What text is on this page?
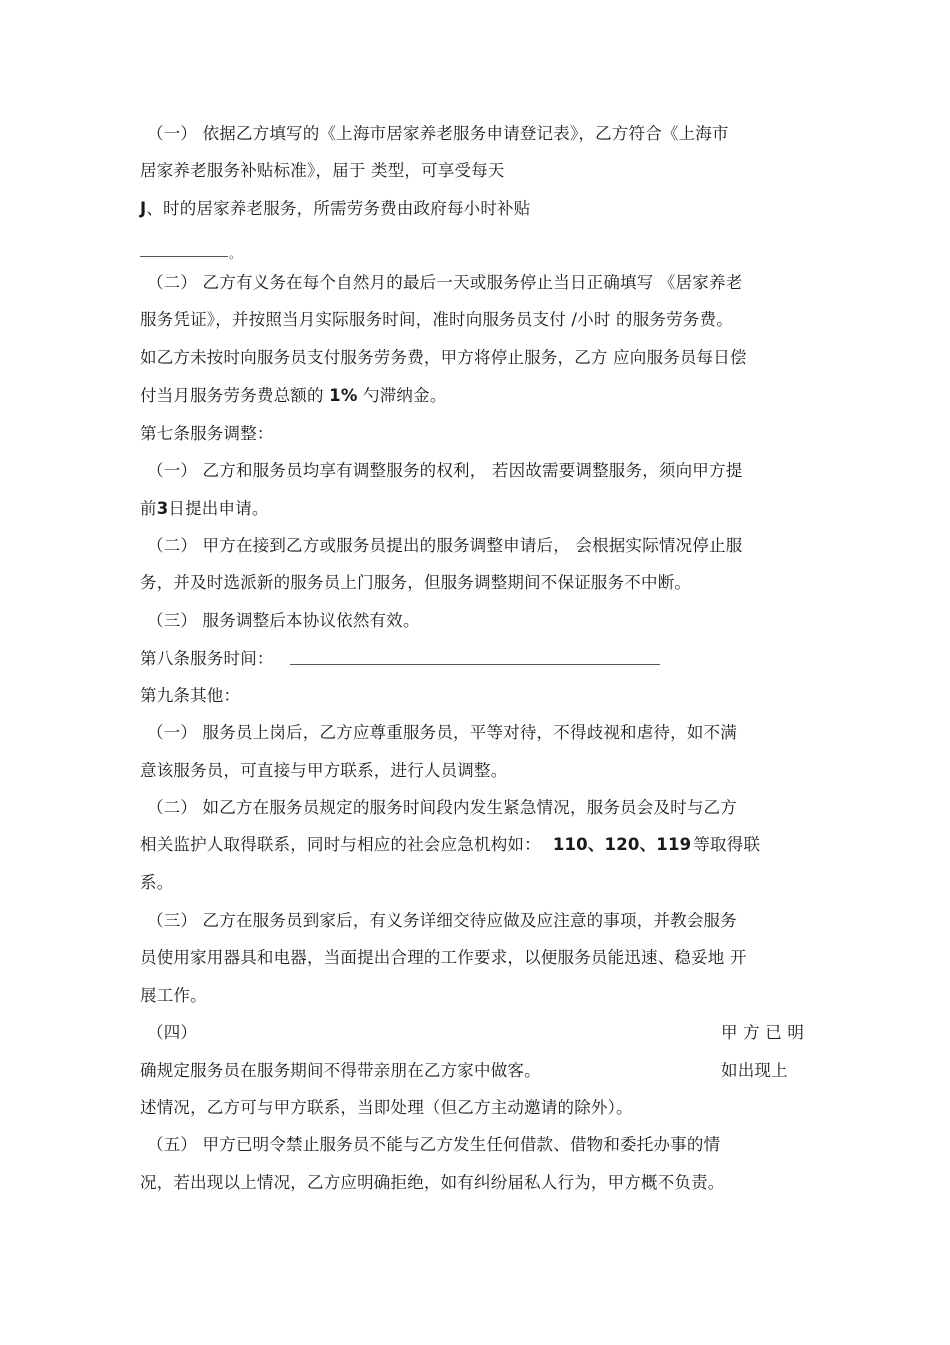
（一） 依据乙方填写的《上海市居家养老服务申请登记表》，乙方符合《上海市
居家养老服务补贴标准》，届于 类型，可享受每天
J、时的居家养老服务，所需劳务费由政府每小时补贴
。
（二） 乙方有义务在每个自然月的最后一天或服务停止当日正确填写 《居家养老
服务凭证》，并按照当月实际服务时间，准时向服务员支付 /小时 的服务劳务费。
如乙方未按时向服务员支付服务劳务费，甲方将停止服务，乙方 应向服务员每日偿
付当月服务劳务费总额的 1% 勺滞纳金。
第七条服务调整：
（一） 乙方和服务员均享有调整服务的权利， 若因故需要调整服务，须向甲方提
前3日提出申请。
（二） 甲方在接到乙方或服务员提出的服务调整申请后， 会根据实际情况停止服
务，并及时选派新的服务员上门服务，但服务调整期间不保证服务不中断。
（三） 服务调整后本协议依然有效。
第八条服务时间：
第九条其他：
（一） 服务员上岗后，乙方应尊重服务员，平等对待，不得歧视和虐待，如不满
意该服务员，可直接与甲方联系，进行人员调整。
（二） 如乙方在服务员规定的服务时间段内发生紧急情况，服务员会及时与乙方
相关监护人取得联系，同时与相应的社会应急机构如： 110、120、119 等取得联
系。
（三） 乙方在服务员到家后，有义务详细交待应做及应注意的事项，并教会服务
员使用家用器具和电器，当面提出合理的工作要求，以便服务员能迅速、稳妥地 开
展工作。
（四）	甲 方 已 明
确规定服务员在服务期间不得带亲朋在乙方家中做客。	如出现上
述情况，乙方可与甲方联系，当即处理（但乙方主动邀请的除外）。
（五） 甲方已明令禁止服务员不能与乙方发生任何借款、借物和委托办事的情
况，若出现以上情况，乙方应明确拒绝，如有纠纷届私人行为，甲方概不负责。
